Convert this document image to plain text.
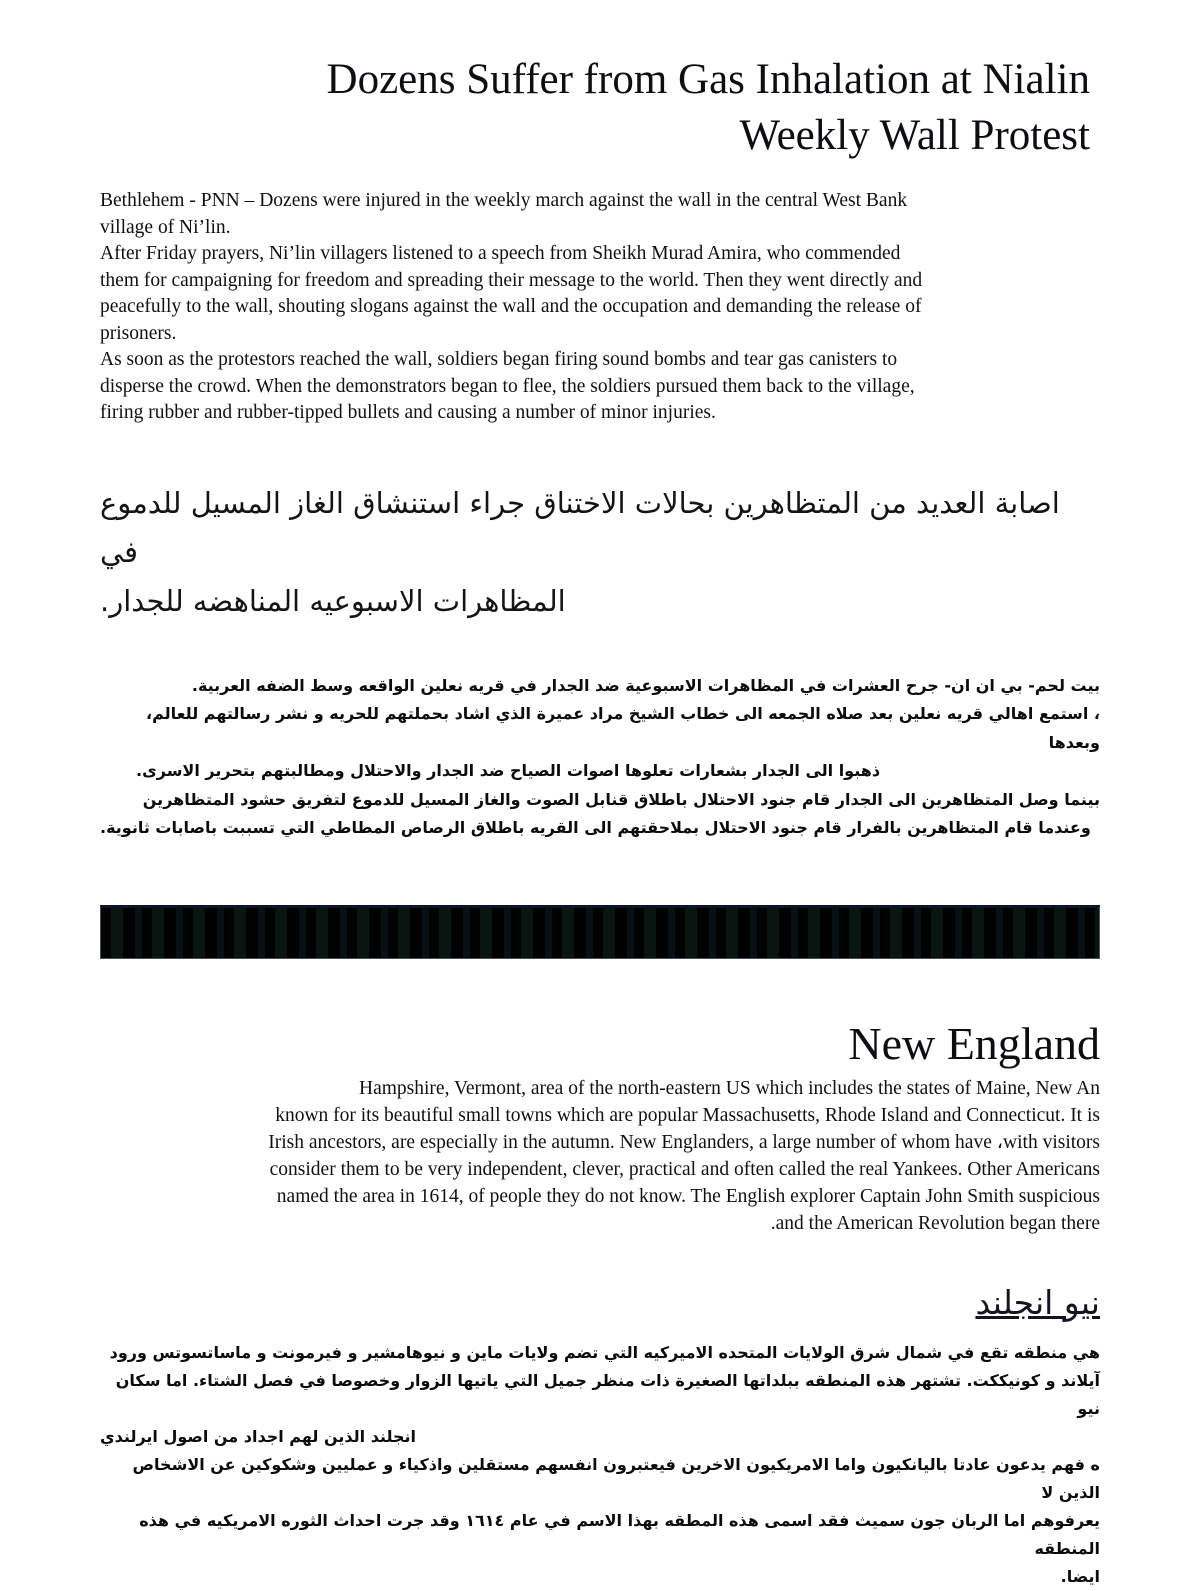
Dozens Suffer from Gas Inhalation at Nialin
Weekly Wall Protest
Bethlehem - PNN – Dozens were injured in the weekly march against the wall in the central West Bank
village of Ni’lin.
After Friday prayers, Ni’lin villagers listened to a speech from Sheikh Murad Amira, who commended
them for campaigning for freedom and spreading their message to the world. Then they went directly and
peacefully to the wall, shouting slogans against the wall and the occupation and demanding the release of
prisoners.
As soon as the protestors reached the wall, soldiers began firing sound bombs and tear gas canisters to
disperse the crowd. When the demonstrators began to flee, the soldiers pursued them back to the village,
firing rubber and rubber-tipped bullets and causing a number of minor injuries.
اصابة العديد من المتظاهرين بحالات الاختناق جراء استنشاق الغاز المسيل للدموع في
المظاهرات الاسبوعيه المناهضه للجدار.
بيت لحم- بي ان ان- جرح العشرات في المظاهرات الاسبوعية ضد الجدار في قريه نعلين الواقعه وسط الضفه العربية.
، استمع اهالي قريه نعلين بعد صلاه الجمعه الى خطاب الشيخ مراد عميرة الذي اشاد بحملتهم للحريه و نشر رسالتهم للعالم، وبعدها
ذهبوا الى الجدار بشعارات تعلوها اصوات الصياح ضد الجدار والاحتلال ومطالبتهم بتحرير الاسرى.
بينما وصل المتظاهرين الى الجدار قام جنود الاحتلال باطلاق قنابل الصوت والغاز المسيل للدموع لتفريق حشود المتظاهرين
وعندما قام المتظاهرين بالفرار قام جنود الاحتلال بملاحقتهم الى القريه باطلاق الرصاص المطاطي التي تسببت باصابات ثانوية.
New England
Hampshire, Vermont, area of the north-eastern US which includes the states of Maine, New An
known for its beautiful small towns which are popular Massachusetts, Rhode Island and Connecticut. It is
Irish ancestors, are especially in the autumn. New Englanders, a large number of whom have ،with visitors
consider them to be very independent, clever, practical and often called the real Yankees. Other Americans
named the area in 1614, of people they do not know. The English explorer Captain John Smith suspicious
.and the American Revolution began there
نيو انجلند
هي منطقه تقع في شمال شرق الولايات المتحده الاميركيه التي تضم ولايات ماين و نيوهامشير و فيرمونت و ماساتسوتس ورود
آيلاند و كونيككت. تشتهر هذه المنطقه ببلداتها الصغيرة ذات منظر جميل التي ياتيها الزوار وخصوصا في فصل الشتاء. اما سكان نيو
انجلند الذين لهم اجداد من اصول ايرلندي
ه فهم يدعون عادتا باليانكيون واما الامريكيون الاخرين فيعتبرون انفسهم مستقلين واذكياء و عمليين وشكوكين عن الاشخاص الذين لا
يعرفوهم اما الربان جون سميث فقد اسمى هذه المطقه بهذا الاسم في عام ١٦١٤ وقد جرت احداث الثوره الامريكيه في هذه المنطقه
ايضا.
